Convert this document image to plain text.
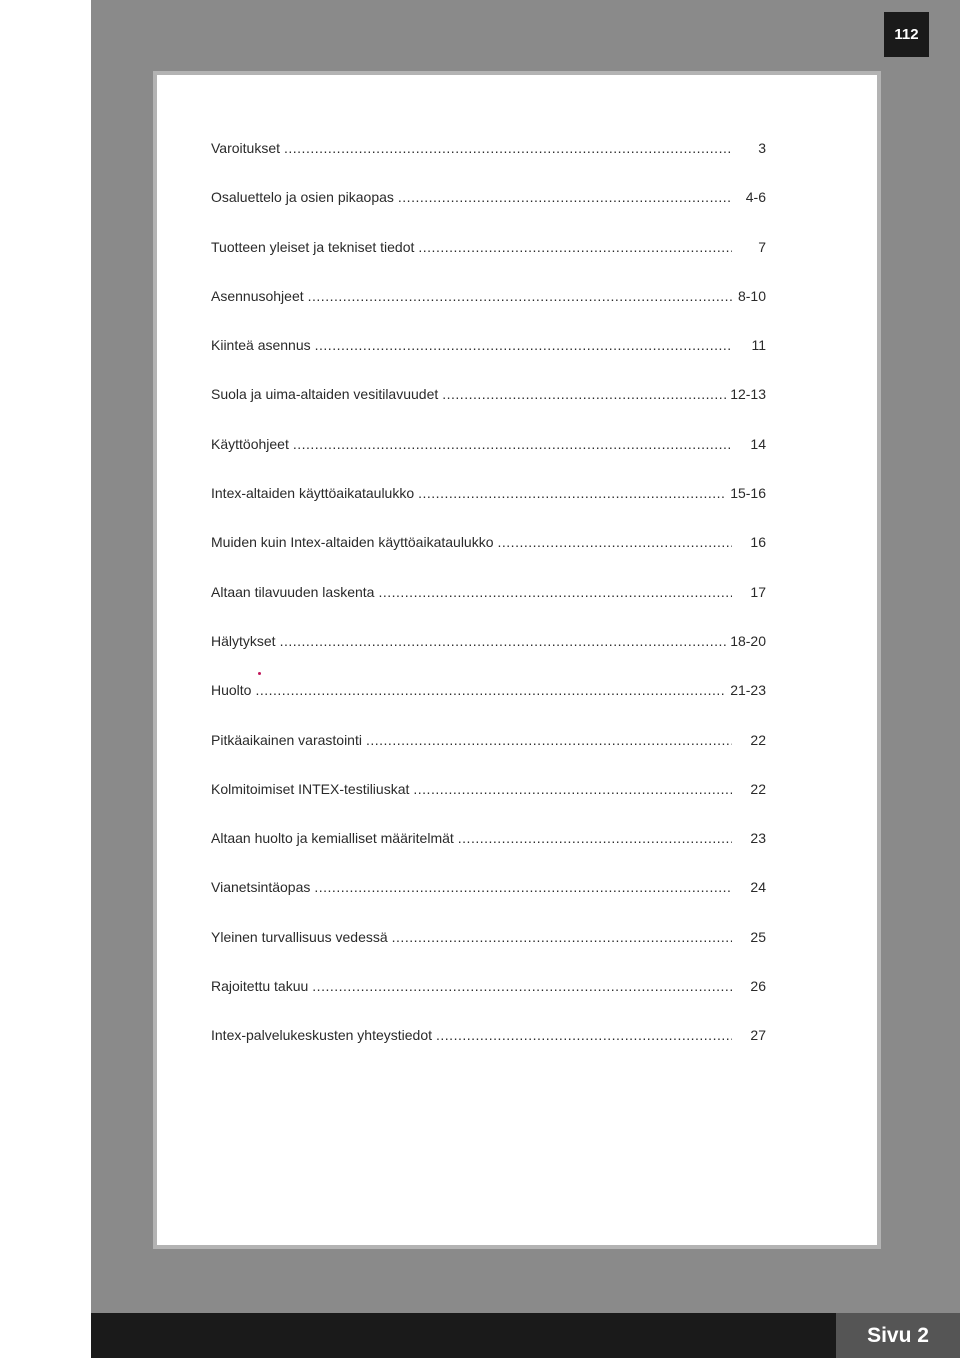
112
Varoitukset .....	3
Osaluettelo ja osien pikaopas .....	4-6
Tuotteen yleiset ja tekniset tiedot .....	7
Asennusohjeet .....	8-10
Kiinteä asennus .....	11
Suola ja uima-altaiden vesitilavuudet .....	12-13
Käyttöohjeet .....	14
Intex-altaiden käyttöaikataulukko .....	15-16
Muiden kuin Intex-altaiden käyttöaikataulukko .....	16
Altaan tilavuuden laskenta .....	17
Hälytykset .....	18-20
Huolto .....	21-23
Pitkäaikainen varastointi .....	22
Kolmitoimiset INTEX-testiliuskat .....	22
Altaan huolto ja kemialliset määritelmät .....	23
Vianetsintäopas .....	24
Yleinen turvallisuus vedessä .....	25
Rajoitettu takuu .....	26
Intex-palvelukeskusten yhteystiedot .....	27
Sivu 2
